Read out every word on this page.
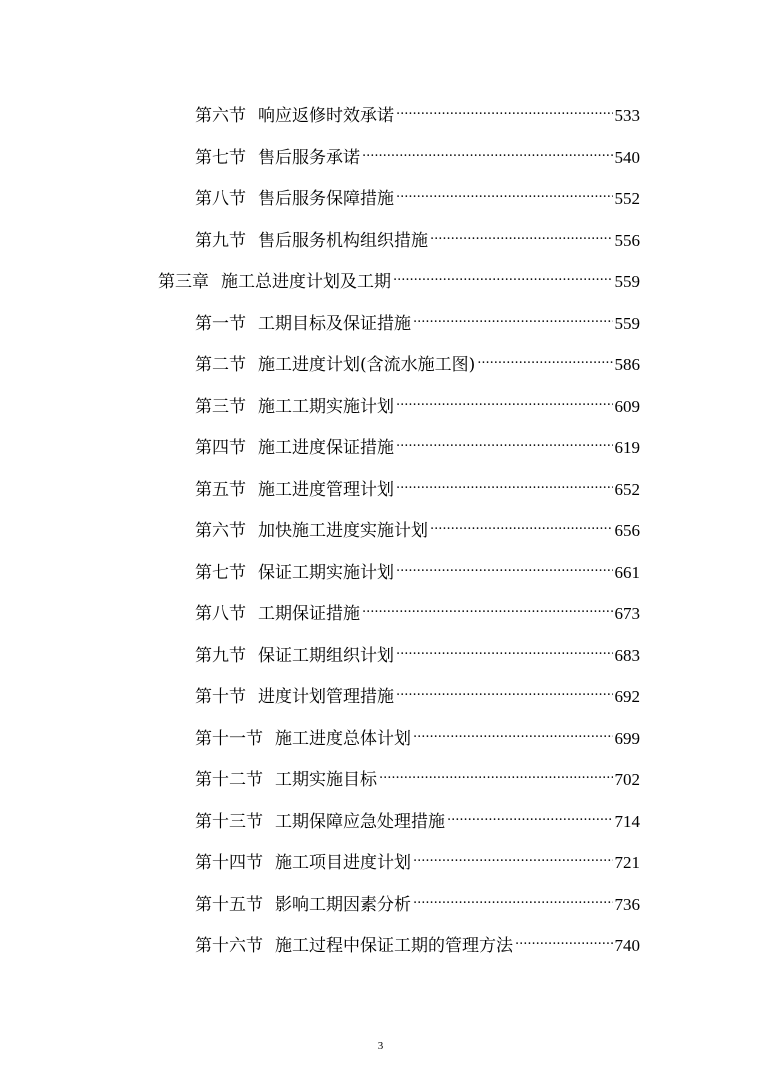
第六节 响应返修时效承诺 .....	533
第七节 售后服务承诺 .....	540
第八节 售后服务保障措施 .....	552
第九节 售后服务机构组织措施 .....	556
第三章 施工总进度计划及工期 .....	559
第一节 工期目标及保证措施 .....	559
第二节 施工进度计划(含流水施工图) .....	586
第三节 施工工期实施计划 .....	609
第四节 施工进度保证措施 .....	619
第五节 施工进度管理计划 .....	652
第六节 加快施工进度实施计划 .....	656
第七节 保证工期实施计划 .....	661
第八节 工期保证措施 .....	673
第九节 保证工期组织计划 .....	683
第十节 进度计划管理措施 .....	692
第十一节 施工进度总体计划 .....	699
第十二节 工期实施目标 .....	702
第十三节 工期保障应急处理措施 .....	714
第十四节 施工项目进度计划 .....	721
第十五节 影响工期因素分析 .....	736
第十六节 施工过程中保证工期的管理方法 .....	740
3
